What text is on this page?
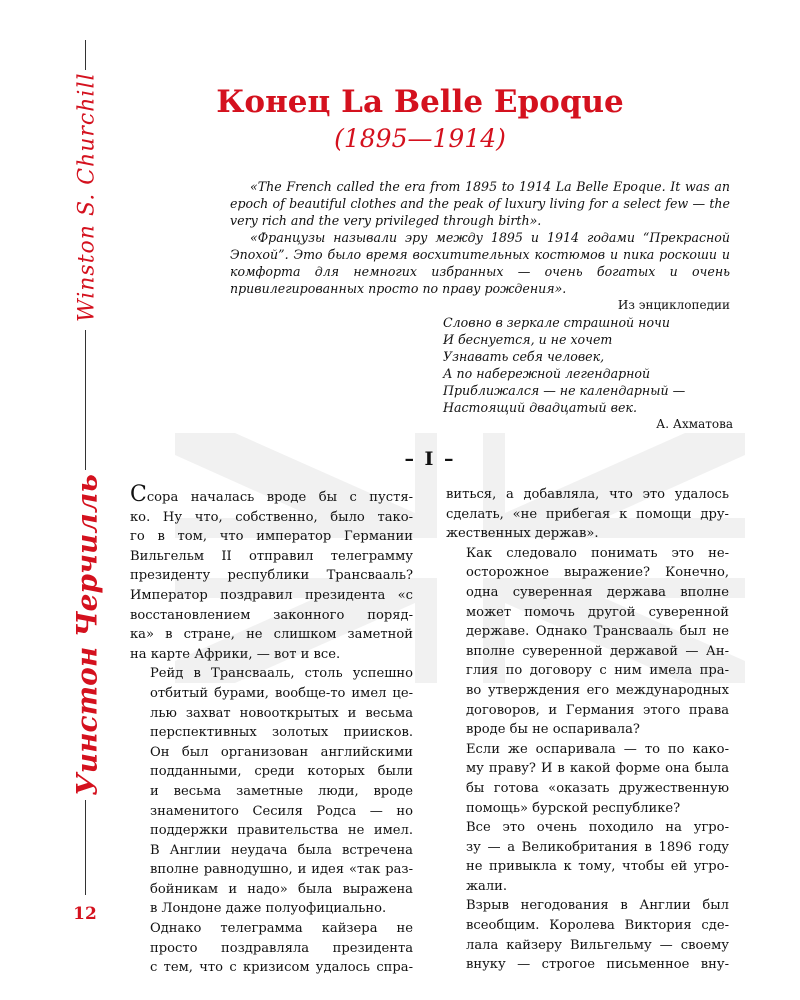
Winston S. Churchill
Уинстон Черчилль
12
Конец La Belle Epoque
(1895—1914)

«The French called the era from 1895 to 1914 La Belle Epoque. It was an epoch of beautiful clothes and the peak of luxury living for a select few — the very rich and the very privileged through birth».

«Французы называли эру между 1895 и 1914 годами “Прекрасной Эпохой”. Это было время восхитительных костюмов и пика роскоши и комфорта для немногих избранных — очень богатых и очень привилегированных просто по праву рождения».

Из энциклопедии

Словно в зеркале страшной ночи
И беснуется, и не хочет
Узнавать себя человек,
А по набережной легендарной
Приближался — не календарный —
Настоящий двадцатый век.
А. Ахматова
– I –

Ссора началась вроде бы с пустя-
ко. Ну что, собственно, было тако-
го в том, что император Германии
Вильгельм II отправил телеграмму
президенту республики Трансвааль?
Император поздравил президента «с
восстановлением законного поряд-
ка» в стране, не слишком заметной
на карте Африки, — вот и все.

Рейд в Трансвааль, столь успешно
отбитый бурами, вообще-то имел це-
лью захват новооткрытых и весьма
перспективных золотых приисков.
Он был организован английскими
подданными, среди которых были
и весьма заметные люди, вроде
знаменитого Сесиля Родса — но
поддержки правительства не имел.
В Англии неудача была встречена
вполне равнодушно, и идея «так раз-
бойникам и надо» была выражена
в Лондоне даже полуофициально.

Однако телеграмма кайзера не
просто поздравляла президента
с тем, что с кризисом удалось спра-

виться, а добавляла, что это удалось
сделать, «не прибегая к помощи дру-
жественных держав».

Как следовало понимать это не-
осторожное выражение? Конечно,
одна суверенная держава вполне
может помочь другой суверенной
державе. Однако Трансвааль был не
вполне суверенной державой — Ан-
глия по договору с ним имела пра-
во утверждения его международных
договоров, и Германия этого права
вроде бы не оспаривала?

Если же оспаривала — то по како-
му праву? И в какой форме она была
бы готова «оказать дружественную
помощь» бурской республике?

Все это очень походило на угро-
зу — а Великобритания в 1896 году
не привыкла к тому, чтобы ей угро-
жали.

Взрыв негодования в Англии был
всеобщим. Королева Виктория сде-
лала кайзеру Вильгельму — своему
внуку — строгое письменное вну-
